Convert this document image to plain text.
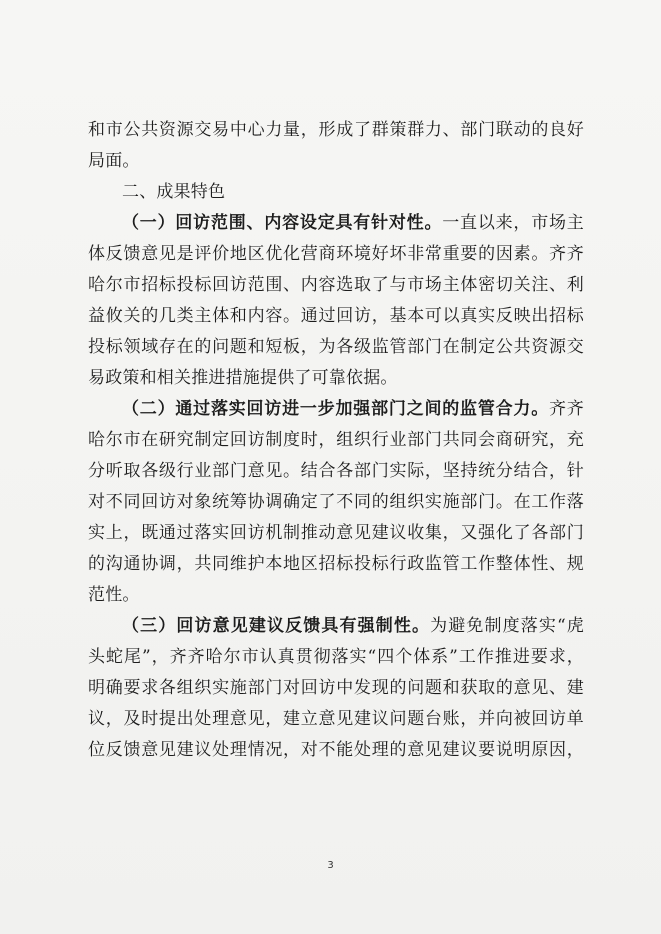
和市公共资源交易中心力量，形成了群策群力、部门联动的良好
局面。
二、成果特色
（一）回访范围、内容设定具有针对性。一直以来，市场主
体反馈意见是评价地区优化营商环境好坏非常重要的因素。齐齐
哈尔市招标投标回访范围、内容选取了与市场主体密切关注、利
益攸关的几类主体和内容。通过回访，基本可以真实反映出招标
投标领域存在的问题和短板，为各级监管部门在制定公共资源交
易政策和相关推进措施提供了可靠依据。
（二）通过落实回访进一步加强部门之间的监管合力。齐齐
哈尔市在研究制定回访制度时，组织行业部门共同会商研究，充
分听取各级行业部门意见。结合各部门实际，坚持统分结合，针
对不同回访对象统筹协调确定了不同的组织实施部门。在工作落
实上，既通过落实回访机制推动意见建议收集，又强化了各部门
的沟通协调，共同维护本地区招标投标行政监管工作整体性、规
范性。
（三）回访意见建议反馈具有强制性。为避免制度落实“虎
头蛇尾”，齐齐哈尔市认真贯彻落实“四个体系”工作推进要求，
明确要求各组织实施部门对回访中发现的问题和获取的意见、建
议，及时提出处理意见，建立意见建议问题台账，并向被回访单
位反馈意见建议处理情况，对不能处理的意见建议要说明原因，
3
